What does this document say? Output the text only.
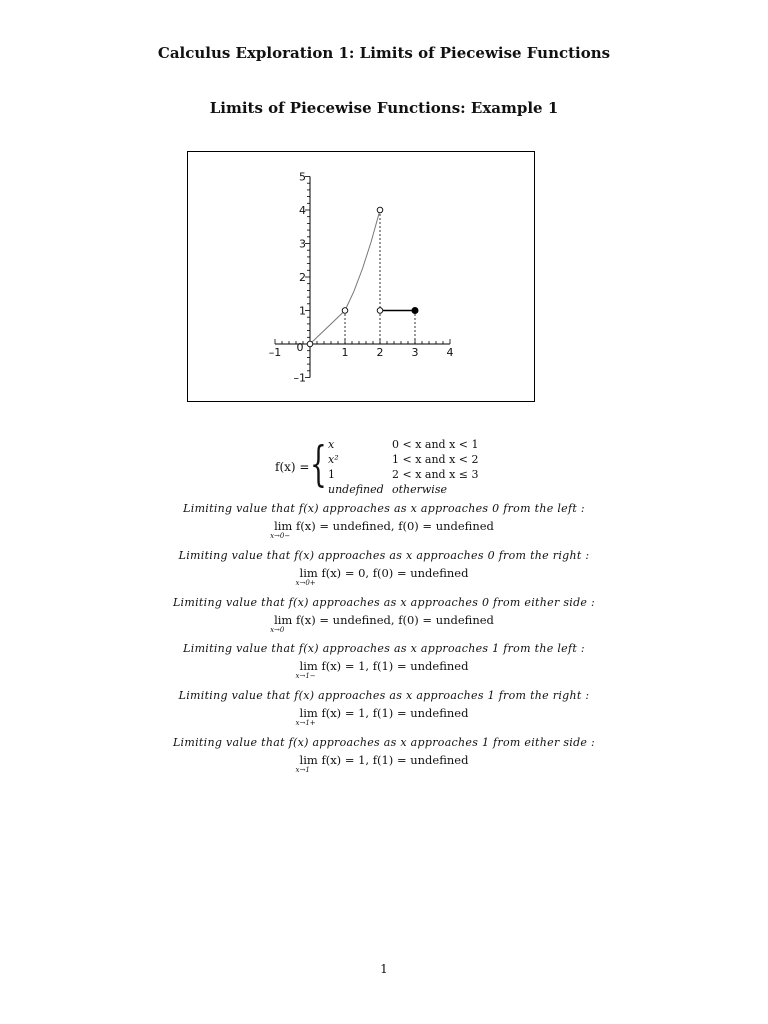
Calculus Exploration 1: Limits of Piecewise Functions
Limits of Piecewise Functions: Example 1
–1 0	1	2	3	4
–1
1
2
3
4
5
f(x) = { x	0 < x and x < 1
x²	1 < x and x < 2
1	2 < x and x ≤ 3
undefined otherwise
Limiting value that f(x) approaches as x approaches 0 from the left :
lim
x→0−
f(x) = undefined, f(0) = undefined
Limiting value that f(x) approaches as x approaches 0 from the right :
lim
x→0+
f(x) = 0, f(0) = undefined
Limiting value that f(x) approaches as x approaches 0 from either side :
lim
x→0
f(x) = undefined, f(0) = undefined
Limiting value that f(x) approaches as x approaches 1 from the left :
lim
x→1−
f(x) = 1, f(1) = undefined
Limiting value that f(x) approaches as x approaches 1 from the right :
lim
x→1+
f(x) = 1, f(1) = undefined
Limiting value that f(x) approaches as x approaches 1 from either side :
lim
x→1
f(x) = 1, f(1) = undefined
1
